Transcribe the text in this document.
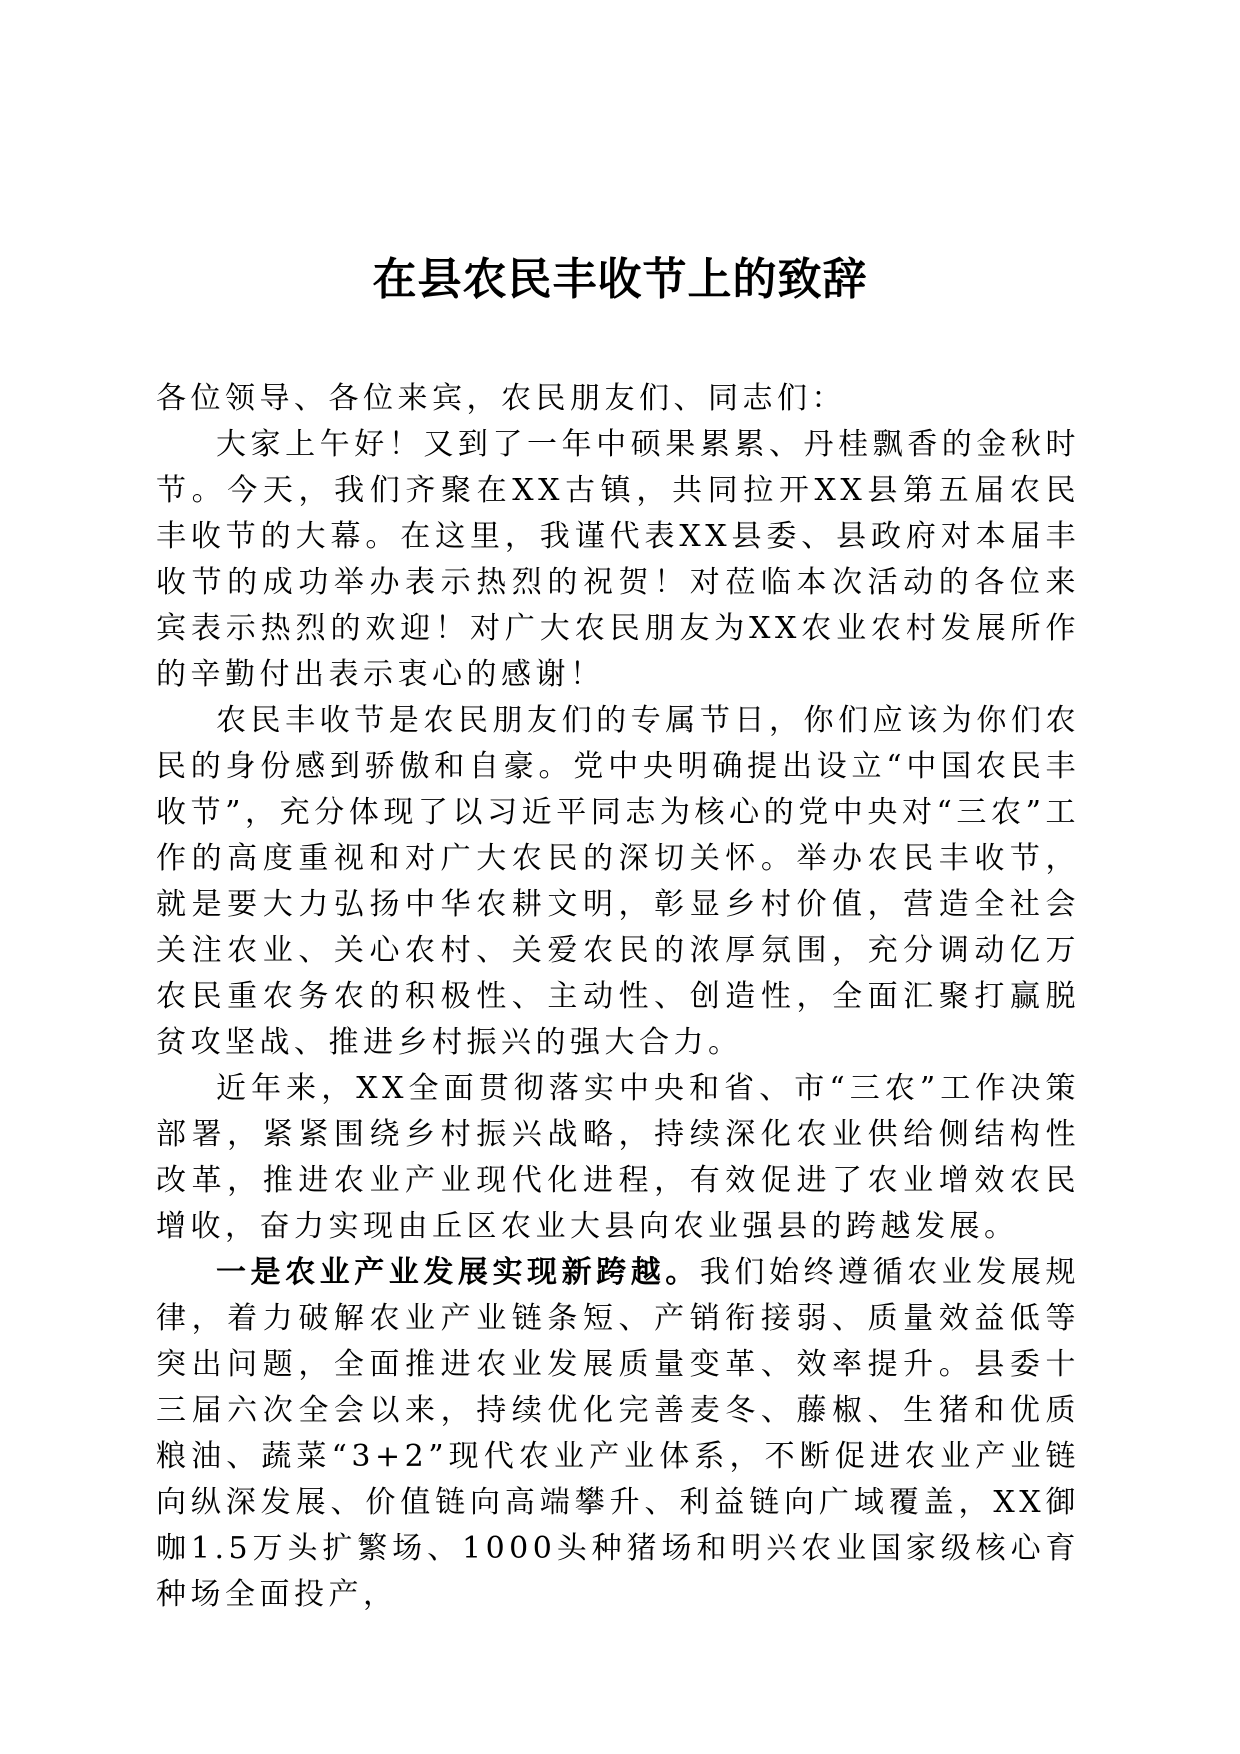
在县农民丰收节上的致辞

各位领导、各位来宾，农民朋友们、同志们：

大家上午好！又到了一年中硕果累累、丹桂飘香的金秋时节。今天，我们齐聚在XX古镇，共同拉开XX县第五届农民丰收节的大幕。在这里，我谨代表XX县委、县政府对本届丰收节的成功举办表示热烈的祝贺！对莅临本次活动的各位来宾表示热烈的欢迎！对广大农民朋友为XX农业农村发展所作的辛勤付出表示衷心的感谢！

农民丰收节是农民朋友们的专属节日，你们应该为你们农民的身份感到骄傲和自豪。党中央明确提出设立“中国农民丰收节”，充分体现了以习近平同志为核心的党中央对“三农”工作的高度重视和对广大农民的深切关怀。举办农民丰收节，就是要大力弘扬中华农耕文明，彰显乡村价值，营造全社会关注农业、关心农村、关爱农民的浓厚氛围，充分调动亿万农民重农务农的积极性、主动性、创造性，全面汇聚打赢脱贫攻坚战、推进乡村振兴的强大合力。

近年来，XX全面贯彻落实中央和省、市“三农”工作决策部署，紧紧围绕乡村振兴战略，持续深化农业供给侧结构性改革，推进农业产业现代化进程，有效促进了农业增效农民增收，奋力实现由丘区农业大县向农业强县的跨越发展。

一是农业产业发展实现新跨越。我们始终遵循农业发展规律，着力破解农业产业链条短、产销衔接弱、质量效益低等突出问题，全面推进农业发展质量变革、效率提升。县委十三届六次全会以来，持续优化完善麦冬、藤椒、生猪和优质粮油、蔬菜“3+2”现代农业产业体系，不断促进农业产业链向纵深发展、价值链向高端攀升、利益链向广域覆盖，XX御咖1.5万头扩繁场、1000头种猪场和明兴农业国家级核心育种场全面投产，
